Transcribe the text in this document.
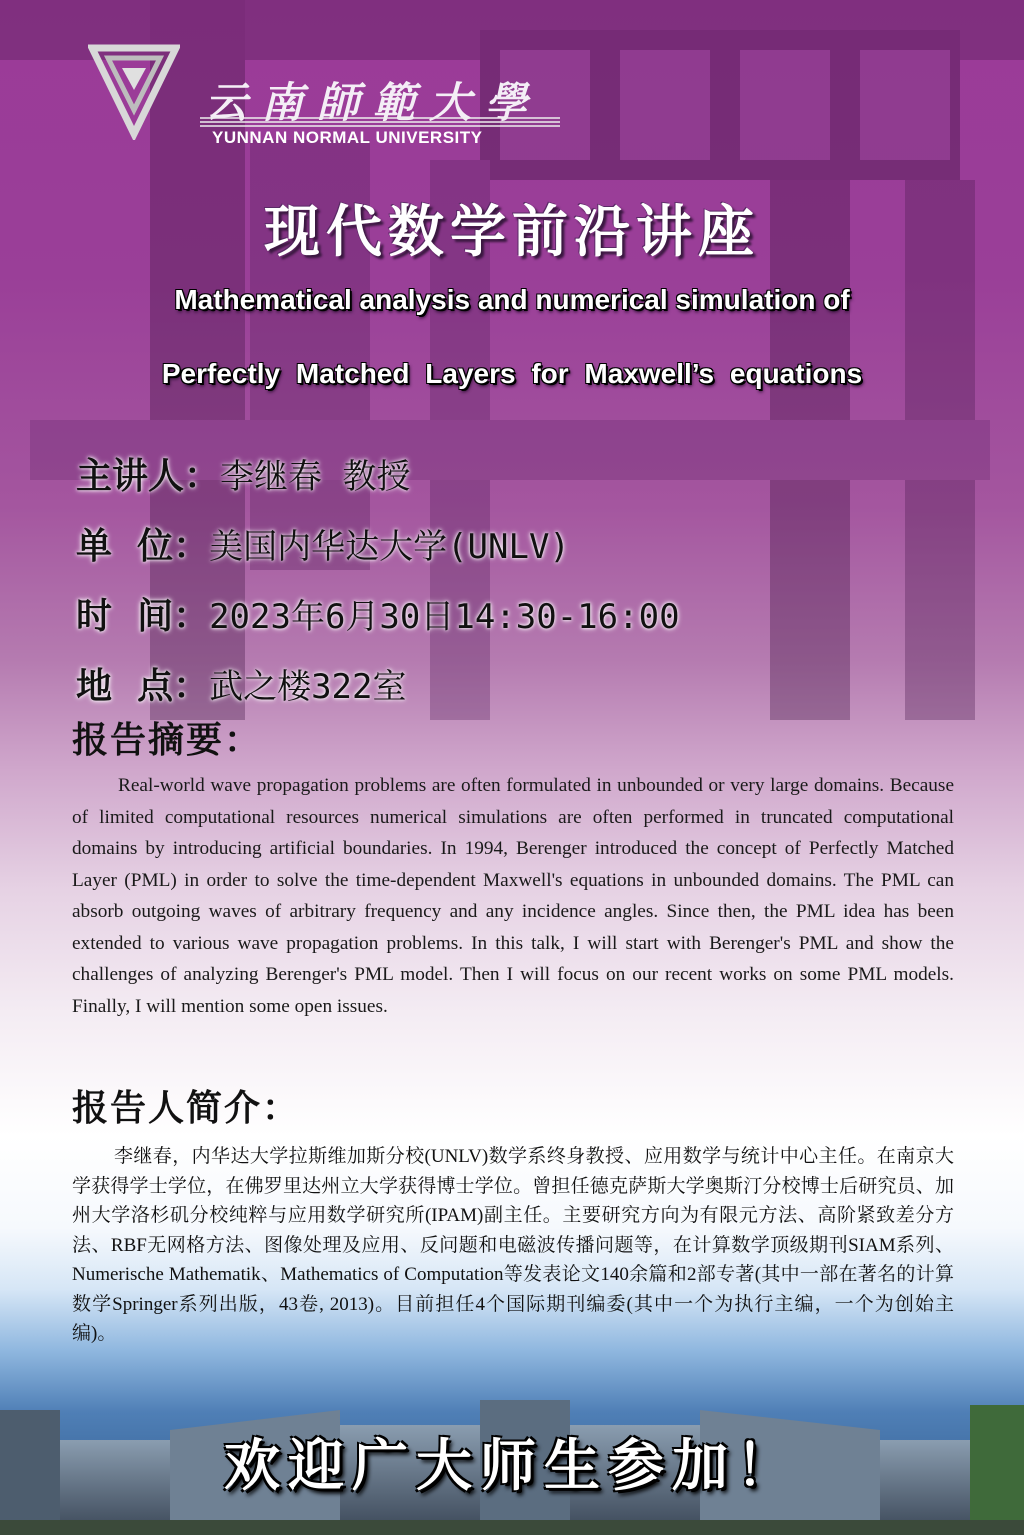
云南師範大學
YUNNAN NORMAL UNIVERSITY
现代数学前沿讲座
Mathematical analysis and numerical simulation of
Perfectly Matched Layers for Maxwell’s equations
主讲人： 李继春 教授
单  位： 美国内华达大学(UNLV)
时  间： 2023年6月30日14:30-16:00
地  点： 武之楼322室
报告摘要：

Real-world wave propagation problems are often formulated in unbounded or very large domains. Because of limited computational resources numerical simulations are often performed in truncated computational domains by introducing artificial boundaries. In 1994, Berenger introduced the concept of Perfectly Matched Layer (PML) in order to solve the time-dependent Maxwell's equations in unbounded domains. The PML can absorb outgoing waves of arbitrary frequency and any incidence angles. Since then, the PML idea has been extended to various wave propagation problems. In this talk, I will start with Berenger's PML and show the challenges of analyzing Berenger's PML model. Then I will focus on our recent works on some PML models. Finally, I will mention some open issues.

报告人简介：

李继春，内华达大学拉斯维加斯分校(UNLV)数学系终身教授、应用数学与统计中心主任。在南京大学获得学士学位，在佛罗里达州立大学获得博士学位。曾担任德克萨斯大学奥斯汀分校博士后研究员、加州大学洛杉矶分校纯粹与应用数学研究所(IPAM)副主任。主要研究方向为有限元方法、高阶紧致差分方法、RBF无网格方法、图像处理及应用、反问题和电磁波传播问题等，在计算数学顶级期刊SIAM系列、Numerische Mathematik、Mathematics of Computation等发表论文140余篇和2部专著(其中一部在著名的计算数学Springer系列出版，43卷, 2013)。目前担任4个国际期刊编委(其中一个为执行主编，一个为创始主编)。

欢迎广大师生参加！
